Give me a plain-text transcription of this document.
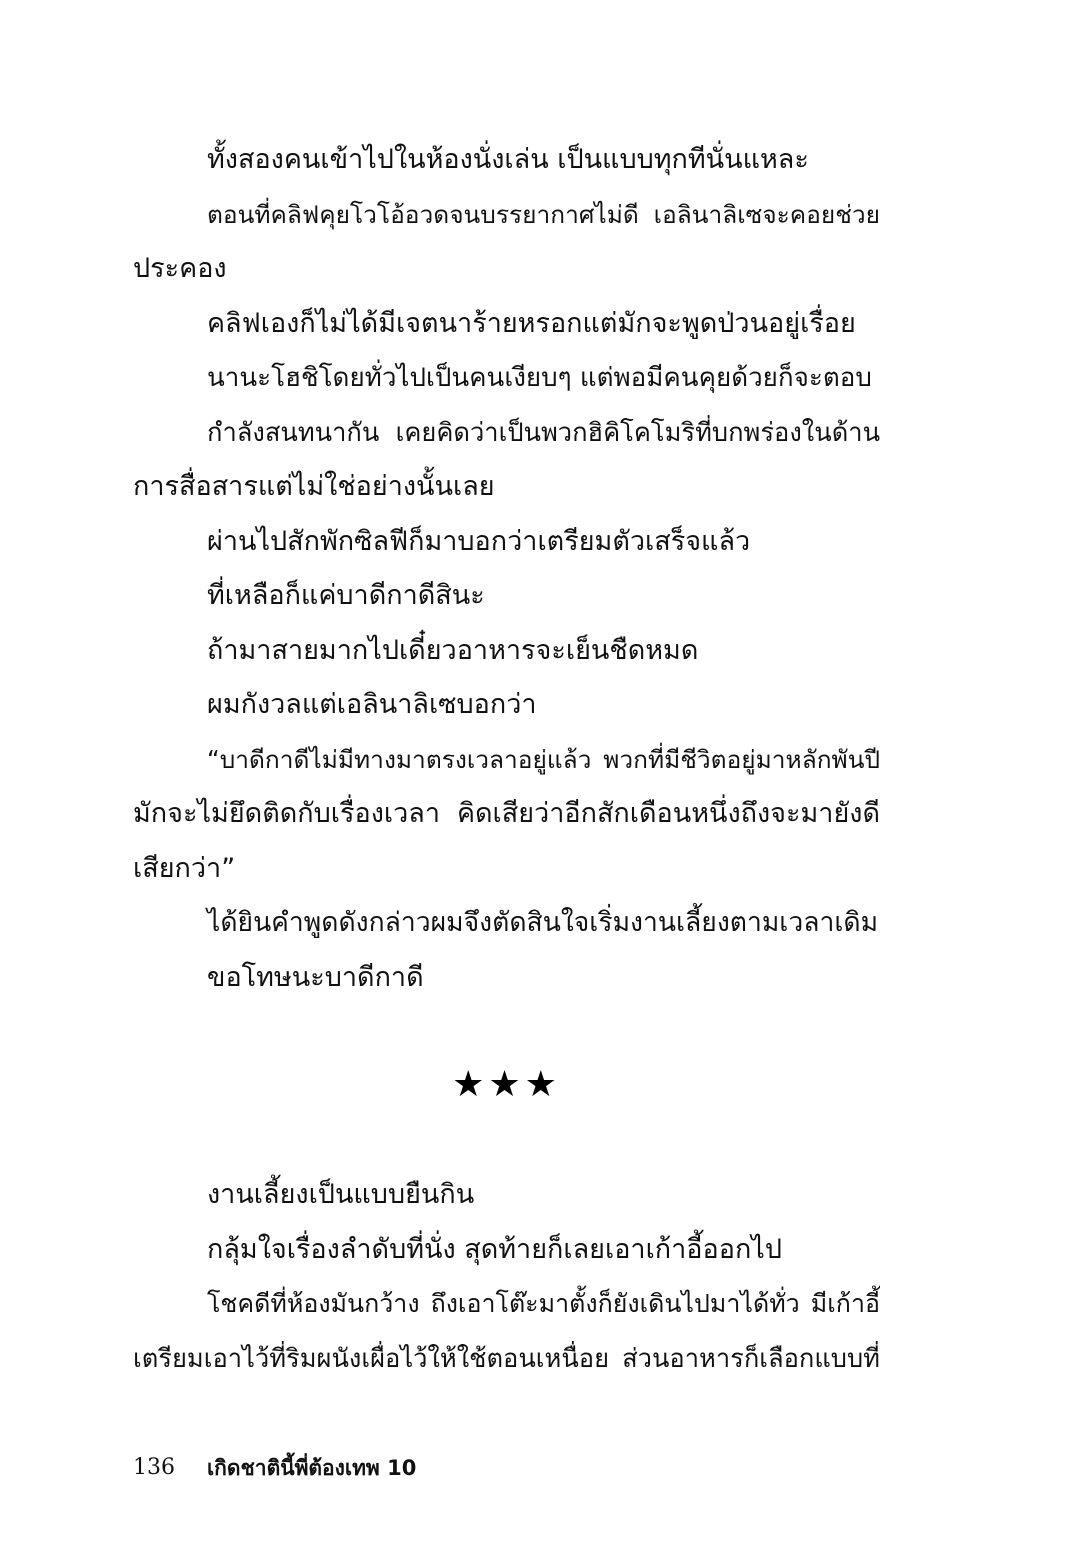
ทั้งสองคนเข้าไปในห้องนั่งเล่น เป็นแบบทุกทีนั่นแหละ
ตอนที่คลิฟคุยโวโอ้อวดจนบรรยากาศไม่ดี เอลินาลิเซจะคอยช่วย
ประคอง
คลิฟเองก็ไม่ได้มีเจตนาร้ายหรอกแต่มักจะพูดป่วนอยู่เรื่อย
นานะโฮชิโดยทั่วไปเป็นคนเงียบๆ แต่พอมีคนคุยด้วยก็จะตอบ
กำลังสนทนากัน เคยคิดว่าเป็นพวกฮิคิโคโมริที่บกพร่องในด้าน
การสื่อสารแต่ไม่ใช่อย่างนั้นเลย
ผ่านไปสักพักซิลฟีก็มาบอกว่าเตรียมตัวเสร็จแล้ว
ที่เหลือก็แค่บาดีกาดีสินะ
ถ้ามาสายมากไปเดี๋ยวอาหารจะเย็นชืดหมด
ผมกังวลแต่เอลินาลิเซบอกว่า
“บาดีกาดีไม่มีทางมาตรงเวลาอยู่แล้ว พวกที่มีชีวิตอยู่มาหลักพันปี
มักจะไม่ยึดติดกับเรื่องเวลา คิดเสียว่าอีกสักเดือนหนึ่งถึงจะมายังดี
เสียกว่า”
ได้ยินคำพูดดังกล่าวผมจึงตัดสินใจเริ่มงานเลี้ยงตามเวลาเดิม
ขอโทษนะบาดีกาดี
★★★
งานเลี้ยงเป็นแบบยืนกิน
กลุ้มใจเรื่องลำดับที่นั่ง สุดท้ายก็เลยเอาเก้าอี้ออกไป
โชคดีที่ห้องมันกว้าง ถึงเอาโต๊ะมาตั้งก็ยังเดินไปมาได้ทั่ว มีเก้าอี้
เตรียมเอาไว้ที่ริมผนังเผื่อไว้ให้ใช้ตอนเหนื่อย ส่วนอาหารก็เลือกแบบที่
136 เกิดชาตินี้พี่ต้องเทพ 10
